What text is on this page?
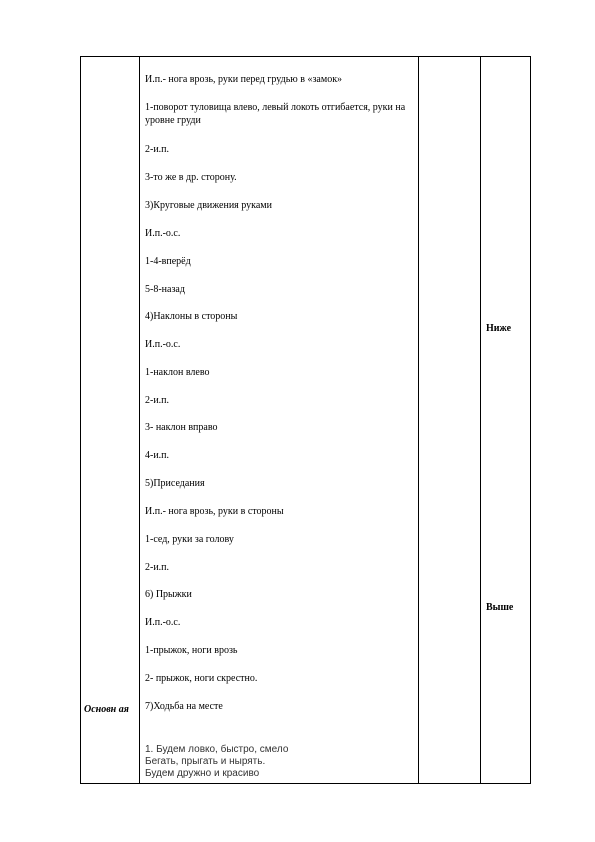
Основн ая
И.п.- нога врозь, руки перед грудью в «замок»
1-поворот туловища влево, левый локоть отгибается, руки на уровне груди
2-и.п.
3-то же в др. сторону.
3)Круговые движения руками
И.п.-о.с.
1-4-вперёд
5-8-назад
4)Наклоны в стороны
И.п.-о.с.
1-наклон влево
2-и.п.
3- наклон вправо
4-и.п.
5)Приседания
И.п.- нога врозь, руки в стороны
1-сед, руки за голову
2-и.п.
6) Прыжки
И.п.-о.с.
1-прыжок, ноги врозь
2- прыжок, ноги скрестно.
7)Ходьба на месте
1. Будем ловко, быстро, смело
Бегать, прыгать и нырять.
Будем дружно и красиво
Ниже
Выше
